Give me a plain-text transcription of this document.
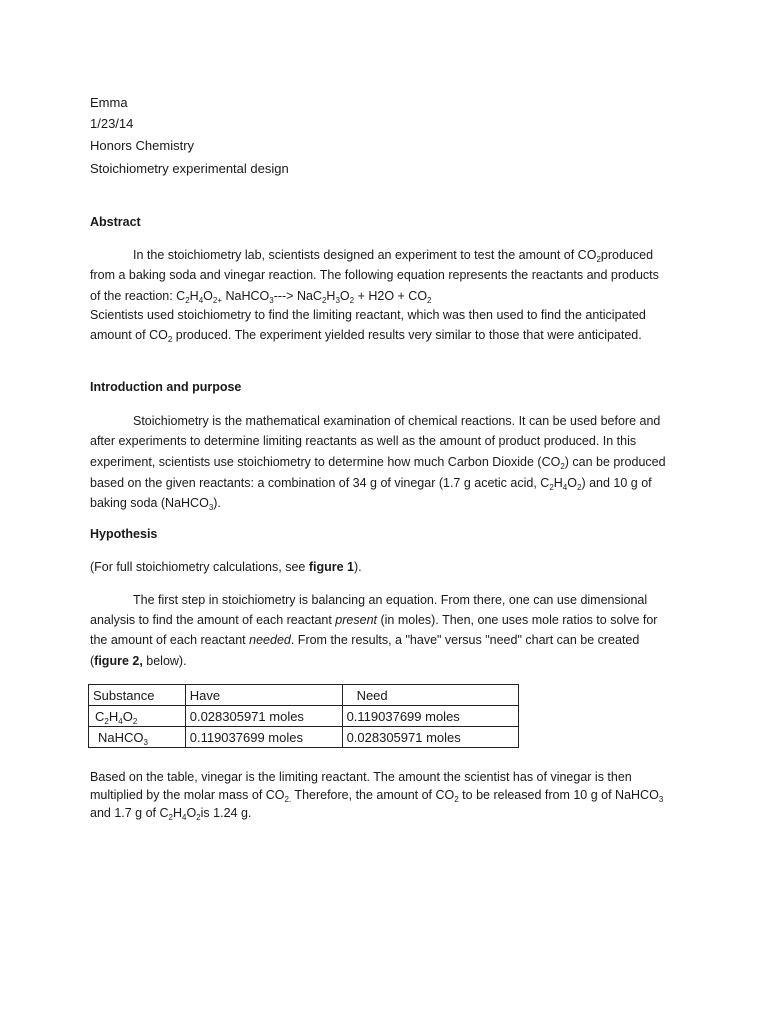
Emma
1/23/14
Honors Chemistry
Stoichiometry experimental design
Abstract
In the stoichiometry lab, scientists designed an experiment to test the amount of $CO_2produced$
from a baking soda and vinegar reaction. The following equation represents the reactants and products
of the reaction: $C_2H_4O_{2+}$ NaHCO$_3$---> $NaC_2H_3O_2 + H2O + CO_2$
Scientists used stoichiometry to find the limiting reactant, which was then used to find the anticipated
amount of $CO_2$ produced. The experiment yielded results very similar to those that were anticipated.
Introduction and purpose
Stoichiometry is the mathematical examination of chemical reactions. It can be used before and
after experiments to determine limiting reactants as well as the amount of product produced. In this
experiment, scientists use stoichiometry to determine how much Carbon Dioxide $(CO_2)$ can be produced
based on the given reactants: a combination of 34 g of vinegar (1.7 g acetic acid, $C_2H_4O_2$) and 10 g of
baking soda (NaHCO$_3$).
Hypothesis
(For full stoichiometry calculations, see figure 1).
The first step in stoichiometry is balancing an equation. From there, one can use dimensional
analysis to find the amount of each reactant present (in moles). Then, one uses mole ratios to solve for
the amount of each reactant needed. From the results, a "have" versus "need" chart can be created
(figure 2, below).
Substance	Have	Need
$C_2H_4O_2$	0.028305971 moles	0.119037699 moles
NaHCO$_3$	0.119037699 moles	0.028305971 moles
Based on the table, vinegar is the limiting reactant. The amount the scientist has of vinegar is then
multiplied by the molar mass of $CO_{2.}$ Therefore, the amount of $CO_2$ to be released from 10 g of NaHCO$_3$
and 1.7 g of $C_2H_4O_2is$ 1.24 g.
